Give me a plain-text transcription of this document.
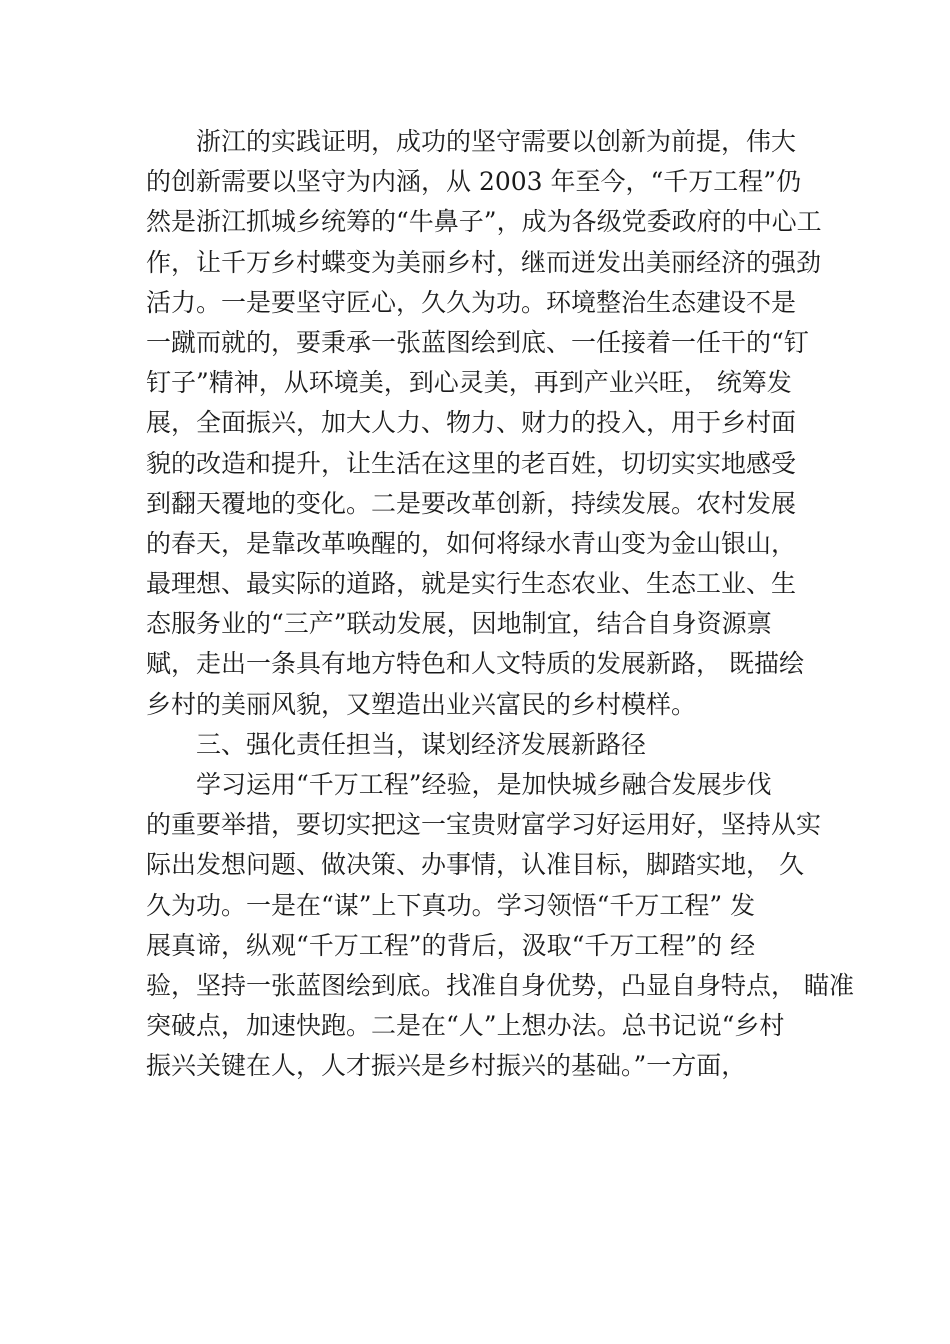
浙江的实践证明，成功的坚守需要以创新为前提，伟大
的创新需要以坚守为内涵，从 2003 年至今，“千万工程”仍
然是浙江抓城乡统筹的“牛鼻子”，成为各级党委政府的中心工
作，让千万乡村蝶变为美丽乡村，继而迸发出美丽经济的强劲
活力。一是要坚守匠心，久久为功。环境整治生态建设不是
一蹴而就的，要秉承一张蓝图绘到底、一任接着一任干的“钉
钉子”精神，从环境美，到心灵美，再到产业兴旺， 统筹发
展，全面振兴，加大人力、物力、财力的投入，用于乡村面
貌的改造和提升，让生活在这里的老百姓，切切实实地感受
到翻天覆地的变化。二是要改革创新，持续发展。农村发展
的春天，是靠改革唤醒的，如何将绿水青山变为金山银山，
最理想、最实际的道路，就是实行生态农业、生态工业、生
态服务业的“三产”联动发展，因地制宜，结合自身资源禀
赋，走出一条具有地方特色和人文特质的发展新路， 既描绘
乡村的美丽风貌，又塑造出业兴富民的乡村模样。
三、强化责任担当，谋划经济发展新路径
学习运用“千万工程”经验，是加快城乡融合发展步伐
的重要举措，要切实把这一宝贵财富学习好运用好，坚持从实
际出发想问题、做决策、办事情，认准目标，脚踏实地， 久
久为功。一是在“谋”上下真功。学习领悟“千万工程” 发
展真谛，纵观“千万工程”的背后，汲取“千万工程”的 经
验，坚持一张蓝图绘到底。找准自身优势，凸显自身特点， 瞄准
突破点，加速快跑。二是在“人”上想办法。总书记说“乡村
振兴关键在人，人才振兴是乡村振兴的基础。”一方面，
